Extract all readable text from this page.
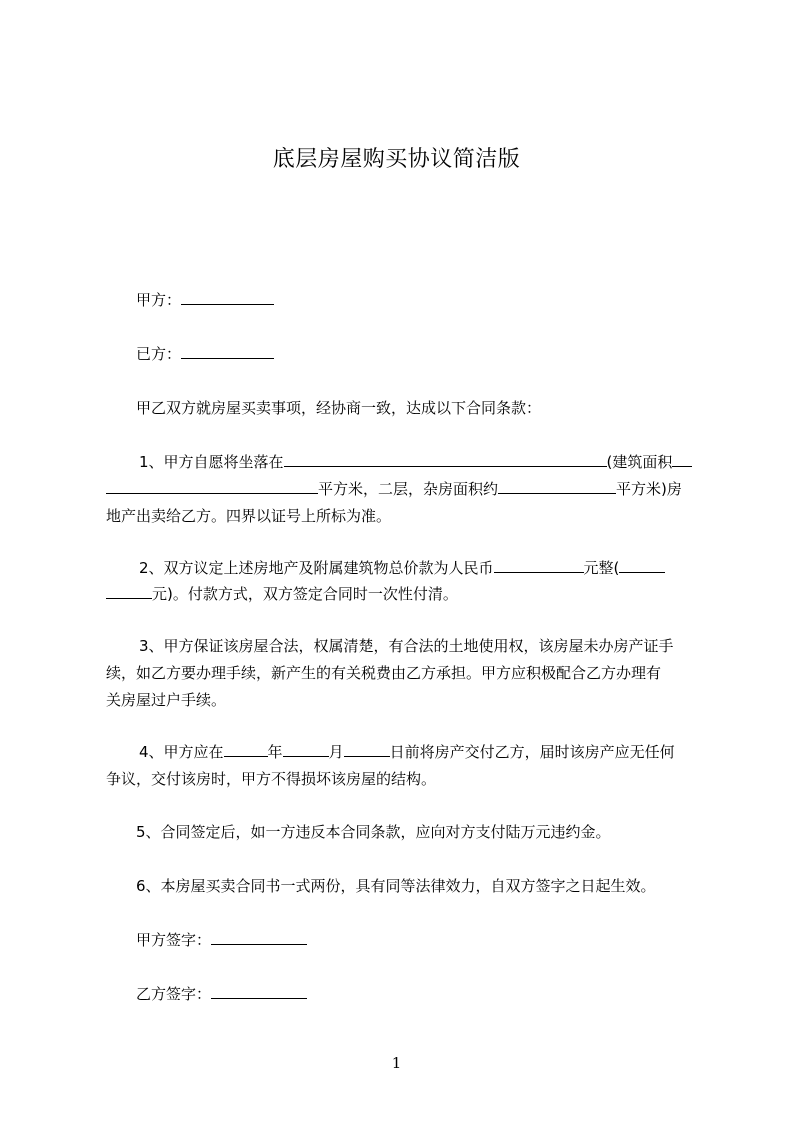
底层房屋购买协议简洁版
甲方：
已方：
甲乙双方就房屋买卖事项，经协商一致，达成以下合同条款：
1、甲方自愿将坐落在	(建筑面积
平方米，二层，杂房面积约	平方米)房
地产出卖给乙方。四界以证号上所标为准。
2、双方议定上述房地产及附属建筑物总价款为人民币	元整(
元)。付款方式，双方签定合同时一次性付清。
3、甲方保证该房屋合法，权属清楚，有合法的土地使用权，该房屋未办房产证手
续，如乙方要办理手续，新产生的有关税费由乙方承担。甲方应积极配合乙方办理有
关房屋过户手续。
4、甲方应在	年	月	日前将房产交付乙方，届时该房产应无任何
争议，交付该房时，甲方不得损坏该房屋的结构。
5、合同签定后，如一方违反本合同条款，应向对方支付陆万元违约金。
6、本房屋买卖合同书一式两份，具有同等法律效力，自双方签字之日起生效。
甲方签字：
乙方签字：
1
